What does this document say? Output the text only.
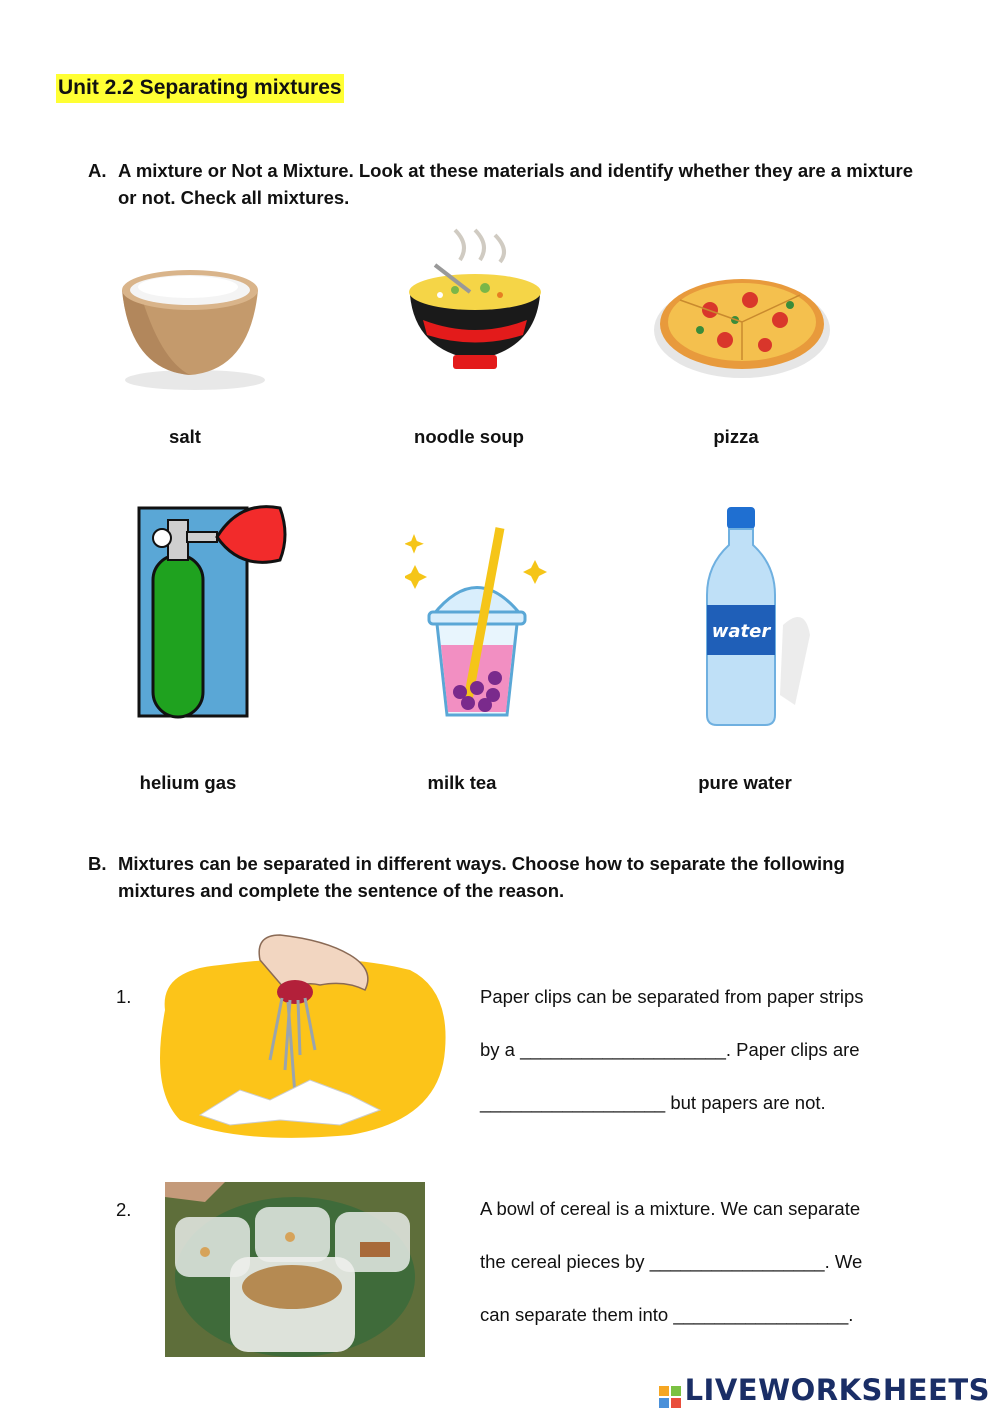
Unit 2.2 Separating mixtures
A. A mixture or Not a Mixture. Look at these materials and identify whether they are a mixture or not. Check all mixtures.
salt	noodle soup	pizza
water
helium gas	milk tea	pure water
B. Mixtures can be separated in different ways. Choose how to separate the following mixtures and complete the sentence of the reason.
1.	Paper clips can be separated from paper strips
by a ____________________. Paper clips are
__________________ but papers are not.
2.	A bowl of cereal is a mixture. We can separate
the cereal pieces by _________________. We
can separate them into _________________.
LIVEWORKSHEETS
